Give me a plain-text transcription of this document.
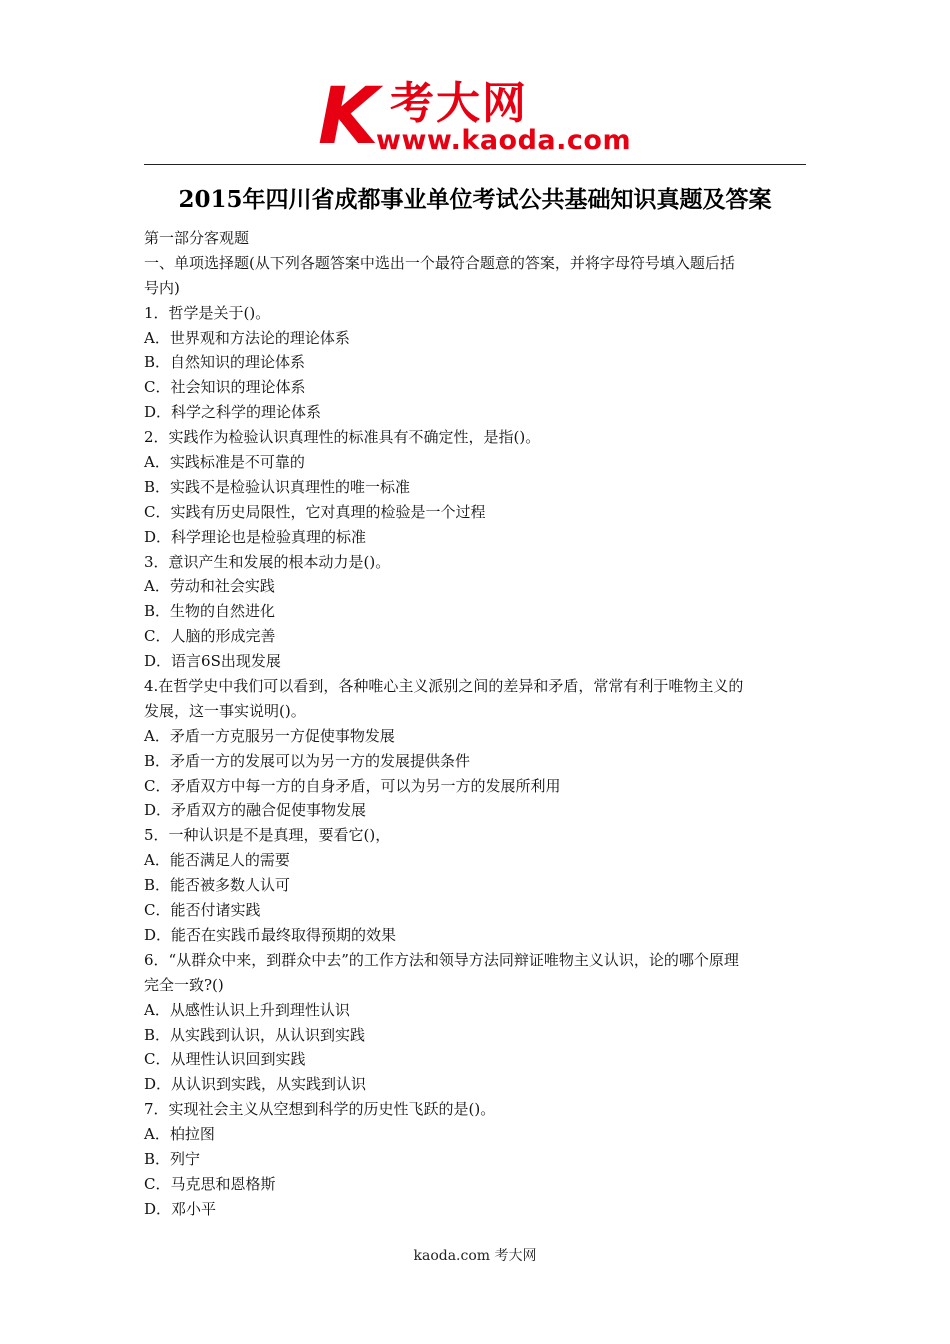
K 考大网
www.kaoda.com
2015年四川省成都事业单位考试公共基础知识真题及答案
第一部分客观题
一、单项选择题(从下列各题答案中选出一个最符合题意的答案，并将字母符号填入题后括
号内)
1．哲学是关于()。
A．世界观和方法论的理论体系
B．自然知识的理论体系
C．社会知识的理论体系
D．科学之科学的理论体系
2．实践作为检验认识真理性的标准具有不确定性，是指()。
A．实践标准是不可靠的
B．实践不是检验认识真理性的唯一标准
C．实践有历史局限性，它对真理的检验是一个过程
D．科学理论也是检验真理的标准
3．意识产生和发展的根本动力是()。
A．劳动和社会实践
B．生物的自然进化
C．人脑的形成完善
D．语言6S出现发展
4.在哲学史中我们可以看到，各种唯心主义派别之间的差异和矛盾，常常有利于唯物主义的
发展，这一事实说明()。
A．矛盾一方克服另一方促使事物发展
B．矛盾一方的发展可以为另一方的发展提供条件
C．矛盾双方中每一方的自身矛盾，可以为另一方的发展所利用
D．矛盾双方的融合促使事物发展
5．一种认识是不是真理，要看它()，
A．能否满足人的需要
B．能否被多数人认可
C．能否付诸实践
D．能否在实践币最终取得预期的效果
6．“从群众中来，到群众中去”的工作方法和领导方法同辩证唯物主义认识，论的哪个原理
完全一致?()
A．从感性认识上升到理性认识
B．从实践到认识，从认识到实践
C．从理性认识回到实践
D．从认识到实践，从实践到认识
7．实现社会主义从空想到科学的历史性飞跃的是()。
A．柏拉图
B．列宁
C．马克思和恩格斯
D．邓小平
kaoda.com 考大网
